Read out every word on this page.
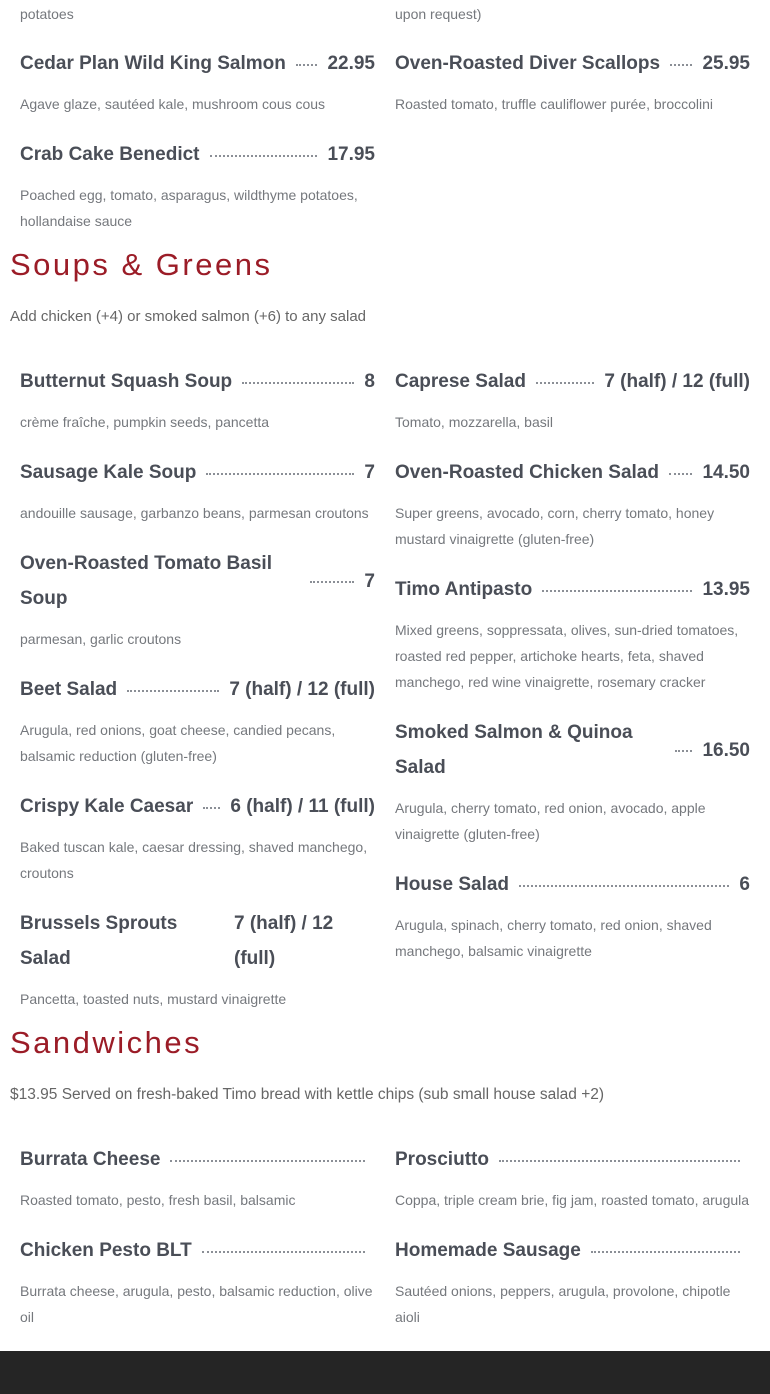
potatoes	upon request)
Cedar Plan Wild King Salmon 22.95
Agave glaze, sautéed kale, mushroom cous cous
Oven-Roasted Diver Scallops 25.95
Roasted tomato, truffle cauliflower purée, broccolini
Crab Cake Benedict	17.95
Poached egg, tomato, asparagus, wildthyme potatoes, hollandaise sauce
Soups & Greens
Add chicken (+4) or smoked salmon (+6) to any salad
Butternut Squash Soup	8
crème fraîche, pumpkin seeds, pancetta
Sausage Kale Soup	7
andouille sausage, garbanzo beans, parmesan croutons
Oven-Roasted Tomato Basil Soup
7
parmesan, garlic croutons
Beet Salad	7 (half) / 12 (full)
Arugula, red onions, goat cheese, candied pecans, balsamic reduction (gluten-free)
Crispy Kale Caesar 6 (half) / 11 (full)
Baked tuscan kale, caesar dressing, shaved manchego, croutons
Brussels Sprouts Salad
7 (half) / 12 (full)
Pancetta, toasted nuts, mustard vinaigrette
Caprese Salad	7 (half) / 12 (full)
Tomato, mozzarella, basil
Oven-Roasted Chicken Salad 14.50
Super greens, avocado, corn, cherry tomato, honey mustard vinaigrette (gluten-free)
Timo Antipasto	13.95
Mixed greens, soppressata, olives, sun-dried tomatoes, roasted red pepper, artichoke hearts, feta, shaved manchego, red wine vinaigrette, rosemary cracker
Smoked Salmon & Quinoa Salad
16.50
Arugula, cherry tomato, red onion, avocado, apple vinaigrette (gluten-free)
House Salad	6
Arugula, spinach, cherry tomato, red onion, shaved manchego, balsamic vinaigrette
Sandwiches
$13.95 Served on fresh-baked Timo bread with kettle chips (sub small house salad +2)
Burrata Cheese
Roasted tomato, pesto, fresh basil, balsamic
Prosciutto
Coppa, triple cream brie, fig jam, roasted tomato, arugula
Chicken Pesto BLT
Burrata cheese, arugula, pesto, balsamic reduction, olive oil
Homemade Sausage
Sautéed onions, peppers, arugula, provolone, chipotle aioli
